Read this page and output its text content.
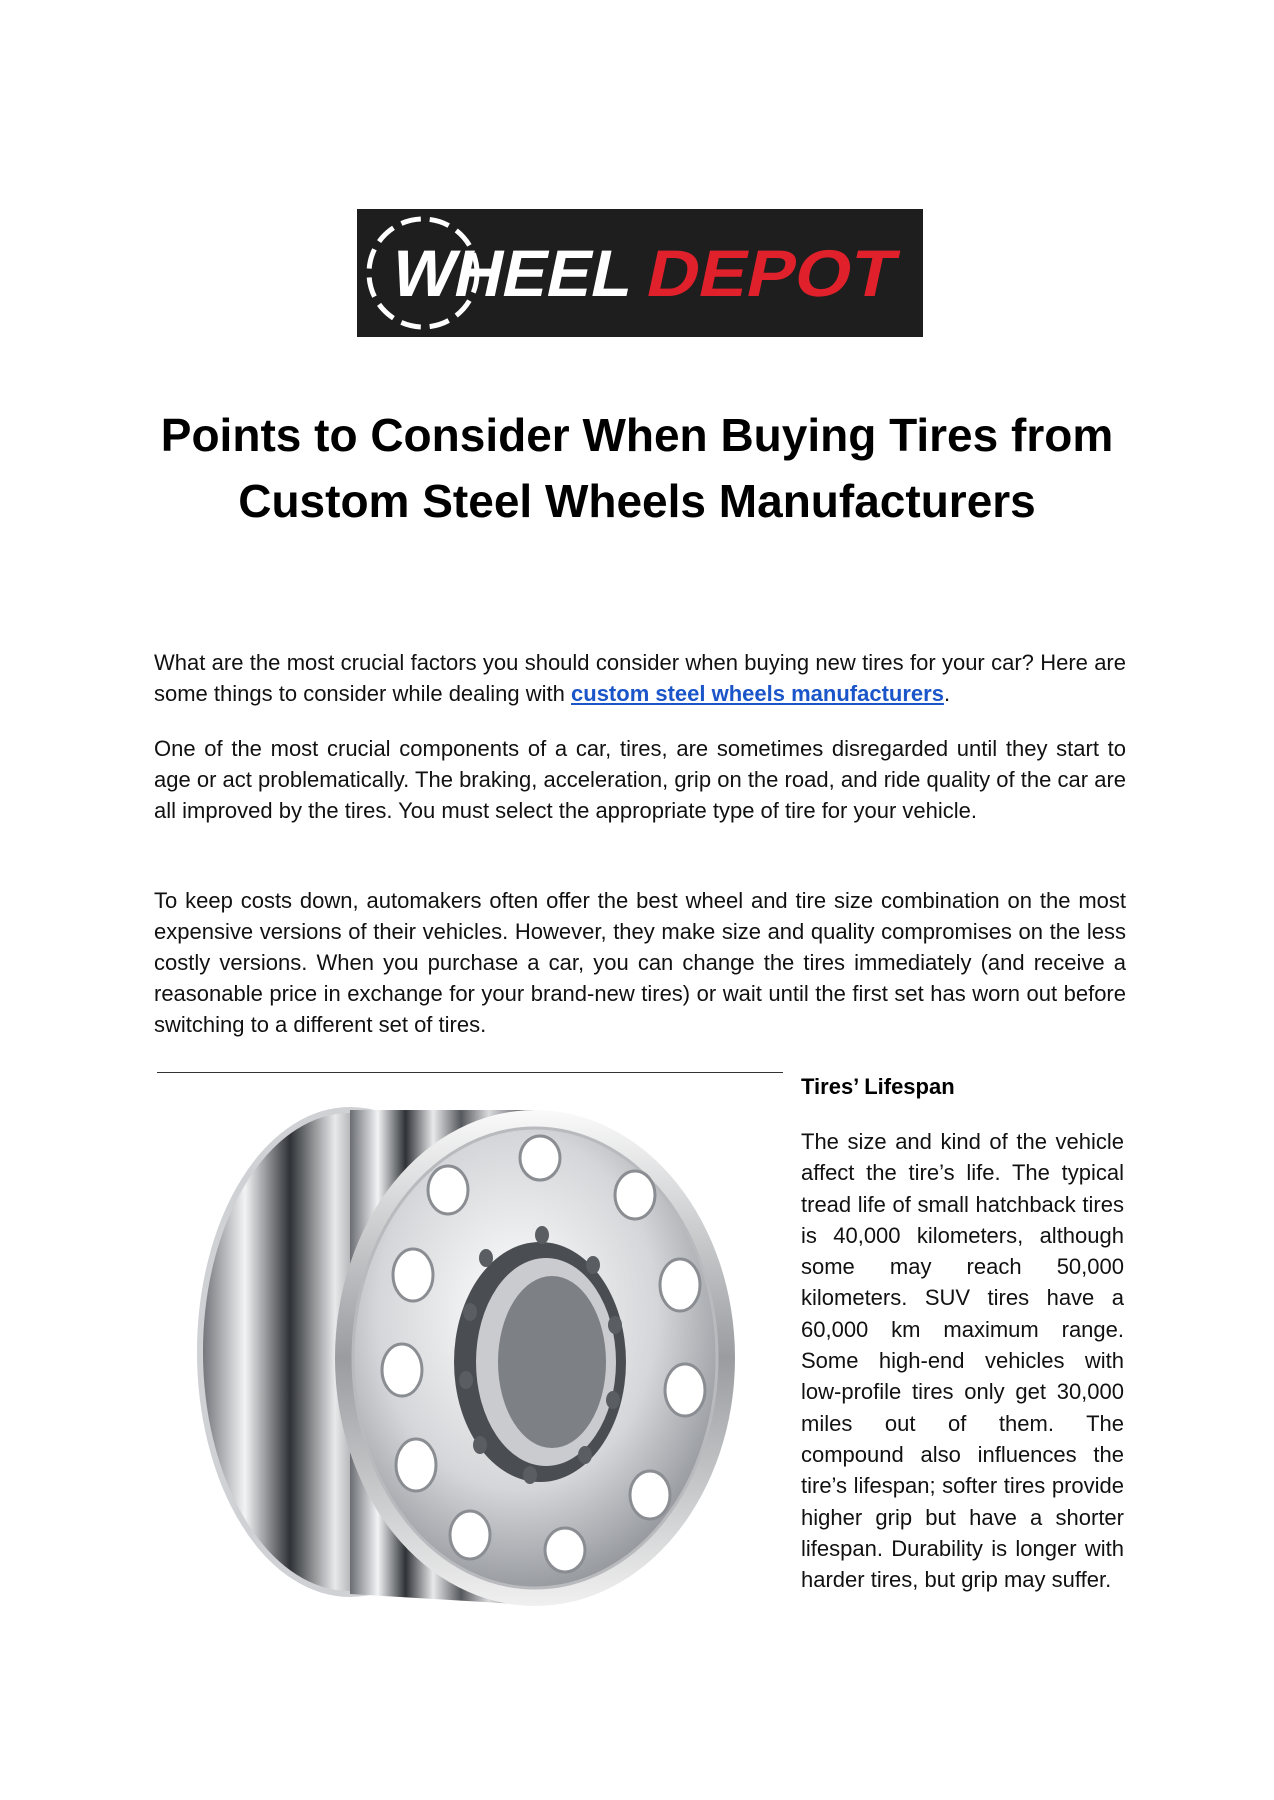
WHEEL DEPOT
Points to Consider When Buying Tires from Custom Steel Wheels Manufacturers

What are the most crucial factors you should consider when buying new tires for your car? Here are some things to consider while dealing with custom steel wheels manufacturers.

One of the most crucial components of a car, tires, are sometimes disregarded until they start to age or act problematically. The braking, acceleration, grip on the road, and ride quality of the car are all improved by the tires. You must select the appropriate type of tire for your vehicle.

To keep costs down, automakers often offer the best wheel and tire size combination on the most expensive versions of their vehicles. However, they make size and quality compromises on the less costly versions. When you purchase a car, you can change the tires immediately (and receive a reasonable price in exchange for your brand-new tires) or wait until the first set has worn out before switching to a different set of tires.

Tires’ Lifespan

The size and kind of the vehicle affect the tire’s life. The typical tread life of small hatchback tires is 40,000 kilometers, although some may reach 50,000 kilometers. SUV tires have a 60,000 km maximum range. Some high-end vehicles with low-profile tires only get 30,000 miles out of them. The compound also influences the tire’s lifespan; softer tires provide higher grip but have a shorter lifespan. Durability is longer with harder tires, but grip may suffer.
